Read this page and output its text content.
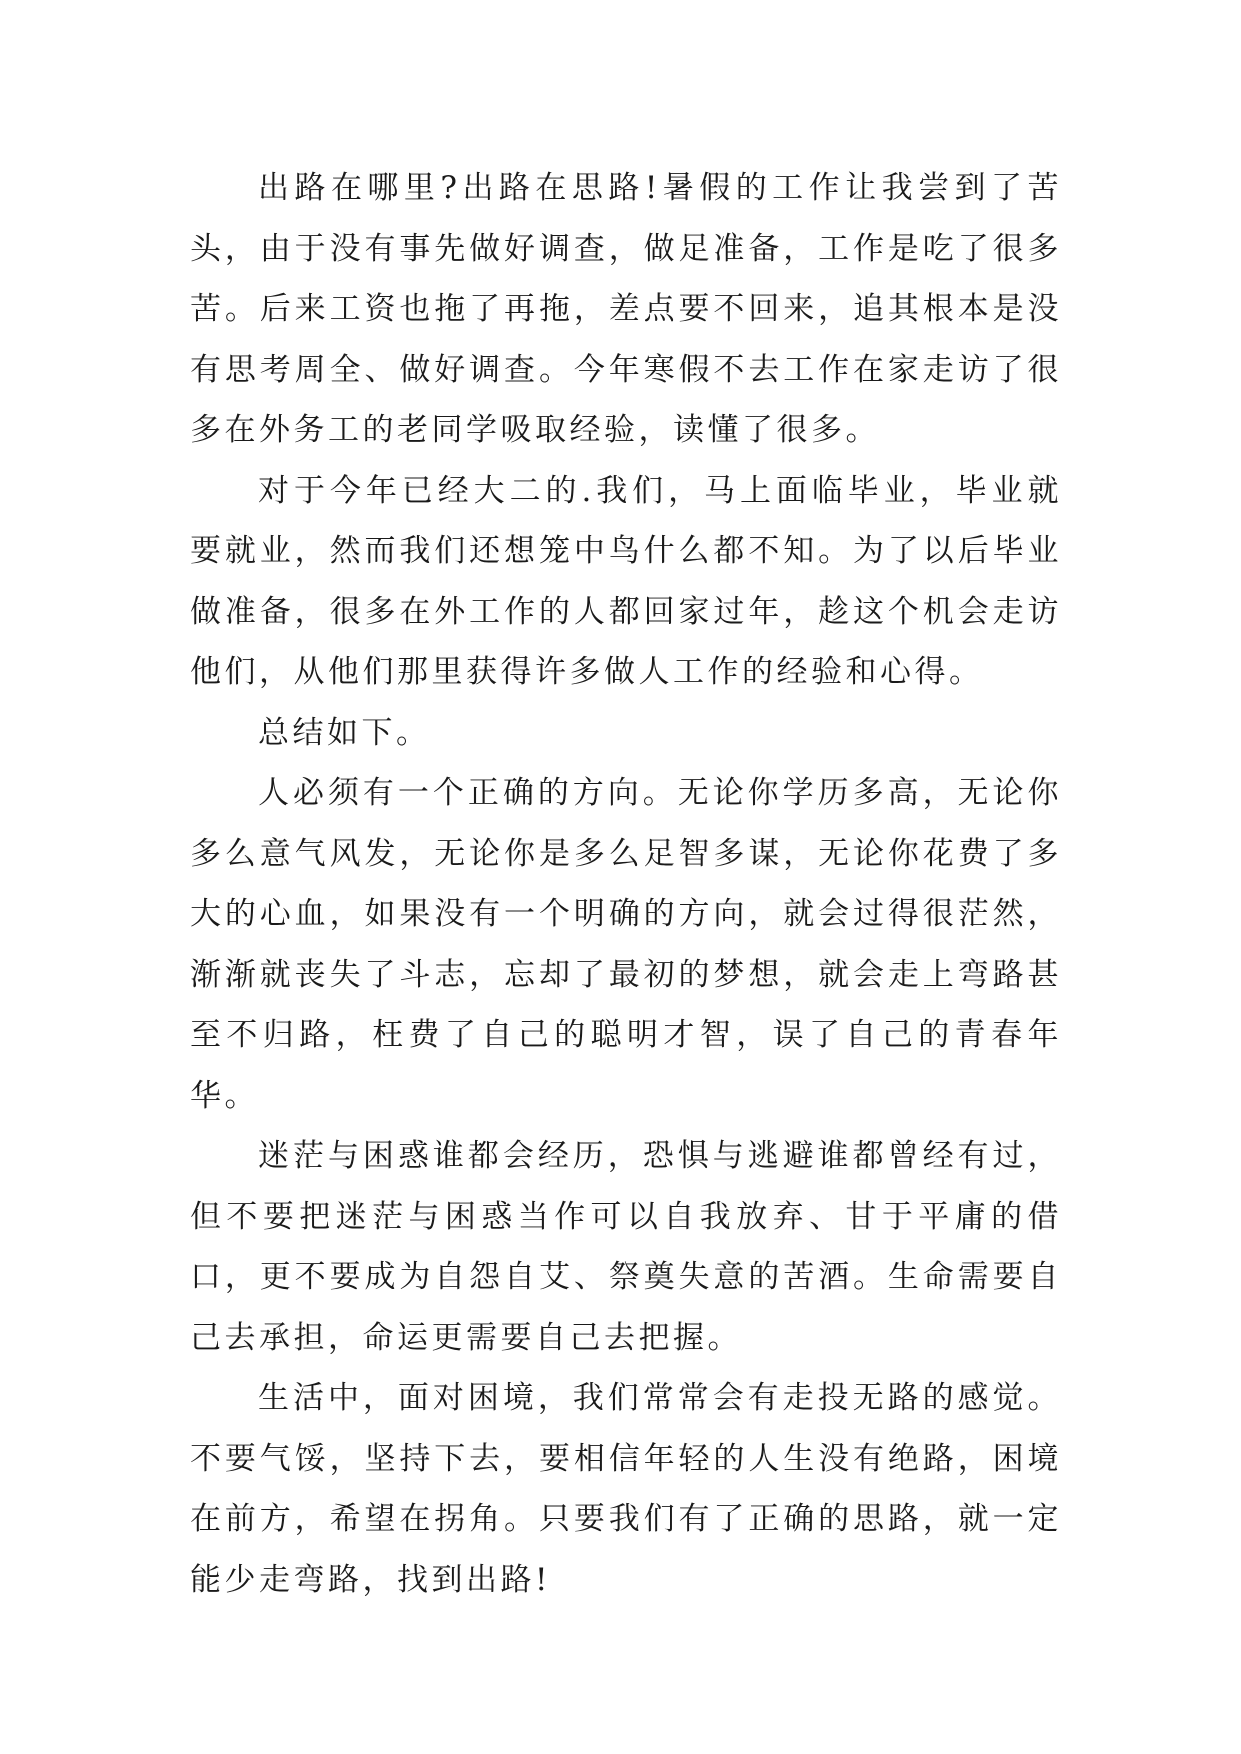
出路在哪里?出路在思路!暑假的工作让我尝到了苦头，由于没有事先做好调查，做足准备，工作是吃了很多苦。后来工资也拖了再拖，差点要不回来，追其根本是没有思考周全、做好调查。今年寒假不去工作在家走访了很多在外务工的老同学吸取经验，读懂了很多。

对于今年已经大二的.我们，马上面临毕业，毕业就要就业，然而我们还想笼中鸟什么都不知。为了以后毕业做准备，很多在外工作的人都回家过年，趁这个机会走访他们，从他们那里获得许多做人工作的经验和心得。

总结如下。

人必须有一个正确的方向。无论你学历多高，无论你多么意气风发，无论你是多么足智多谋，无论你花费了多大的心血，如果没有一个明确的方向，就会过得很茫然，渐渐就丧失了斗志，忘却了最初的梦想，就会走上弯路甚至不归路，枉费了自己的聪明才智，误了自己的青春年华。

迷茫与困惑谁都会经历，恐惧与逃避谁都曾经有过，但不要把迷茫与困惑当作可以自我放弃、甘于平庸的借口，更不要成为自怨自艾、祭奠失意的苦酒。生命需要自己去承担，命运更需要自己去把握。

生活中，面对困境，我们常常会有走投无路的感觉。不要气馁，坚持下去，要相信年轻的人生没有绝路，困境在前方，希望在拐角。只要我们有了正确的思路，就一定能少走弯路，找到出路!
